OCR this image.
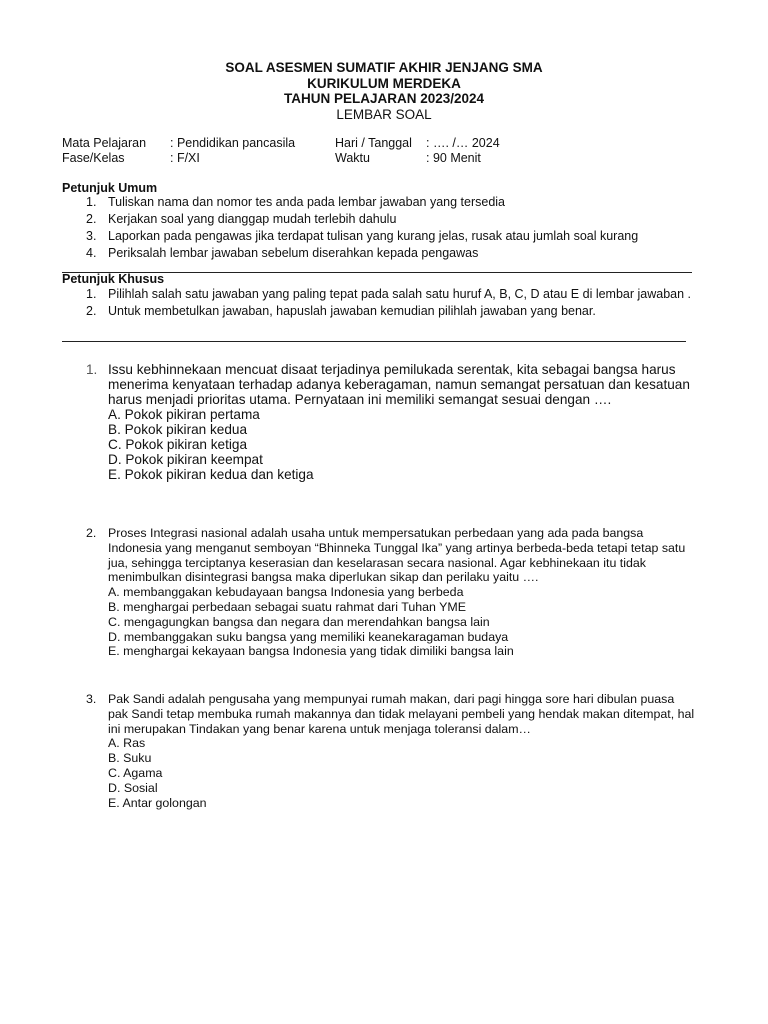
SOAL ASESMEN SUMATIF AKHIR JENJANG SMA
KURIKULUM MERDEKA
TAHUN PELAJARAN 2023/2024
LEMBAR SOAL
Mata Pelajaran : Pendidikan pancasila	Hari / Tanggal : …. /… 2024
Fase/Kelas	: F/XI	Waktu	: 90 Menit
Petunjuk Umum
1. Tuliskan nama dan nomor tes anda pada lembar jawaban yang tersedia
2. Kerjakan soal yang dianggap mudah terlebih dahulu
3. Laporkan pada pengawas jika terdapat tulisan yang kurang jelas, rusak atau jumlah soal kurang
4. Periksalah lembar jawaban sebelum diserahkan kepada pengawas
Petunjuk Khusus
1. Pilihlah salah satu jawaban yang paling tepat pada salah satu huruf A, B, C, D atau E di lembar jawaban .
2. Untuk membetulkan jawaban, hapuslah jawaban kemudian pilihlah jawaban yang benar.
1. Issu kebhinnekaan mencuat disaat terjadinya pemilukada serentak, kita sebagai bangsa harus menerima kenyataan terhadap adanya keberagaman, namun semangat persatuan dan kesatuan harus menjadi prioritas utama. Pernyataan ini memiliki semangat sesuai dengan ….
A. Pokok pikiran pertama
B. Pokok pikiran kedua
C. Pokok pikiran ketiga
D. Pokok pikiran keempat
E. Pokok pikiran kedua dan ketiga
2. Proses Integrasi nasional adalah usaha untuk mempersatukan perbedaan yang ada pada bangsa Indonesia yang menganut semboyan “Bhinneka Tunggal Ika” yang artinya berbeda-beda tetapi tetap satu jua, sehingga terciptanya keserasian dan keselarasan secara nasional. Agar kebhinekaan itu tidak menimbulkan disintegrasi bangsa maka diperlukan sikap dan perilaku yaitu ….
A. membanggakan kebudayaan bangsa Indonesia yang berbeda
B. menghargai perbedaan sebagai suatu rahmat dari Tuhan YME
C. mengagungkan bangsa dan negara dan merendahkan bangsa lain
D. membanggakan suku bangsa yang memiliki keanekaragaman budaya
E. menghargai kekayaan bangsa Indonesia yang tidak dimiliki bangsa lain
3. Pak Sandi adalah pengusaha yang mempunyai rumah makan, dari pagi hingga sore hari dibulan puasa pak Sandi tetap membuka rumah makannya dan tidak melayani pembeli yang hendak makan ditempat, hal ini merupakan Tindakan yang benar karena untuk menjaga toleransi dalam…
A. Ras
B. Suku
C. Agama
D. Sosial
E. Antar golongan
